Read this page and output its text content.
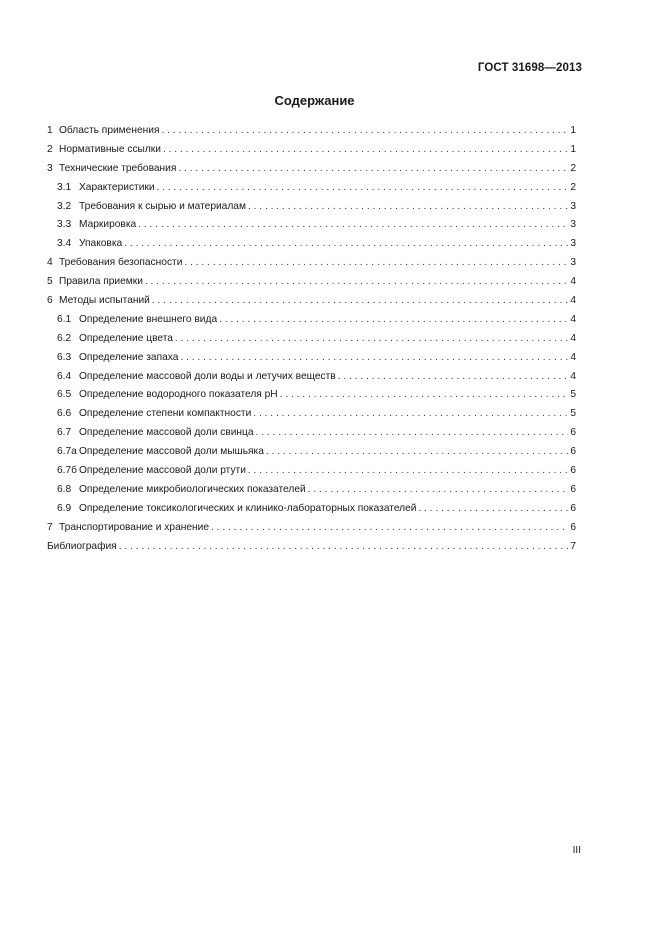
ГОСТ 31698—2013
Содержание
1 Область применения . . .	1
2 Нормативные ссылки . . .	1
3 Технические требования . . .	2
3.1 Характеристики . . .	2
3.2 Требования к сырью и материалам . . .	3
3.3 Маркировка . . .	3
3.4 Упаковка . . .	3
4 Требования безопасности . . .	3
5 Правила приемки . . .	4
6 Методы испытаний . . .	4
6.1 Определение внешнего вида . . .	4
6.2 Определение цвета . . .	4
6.3 Определение запаха . . .	4
6.4 Определение массовой доли воды и летучих веществ . . .	4
6.5 Определение водородного показателя pH . . .	5
6.6 Определение степени компактности . . .	5
6.7 Определение массовой доли свинца . . .	6
6.7а Определение массовой доли мышьяка . . .	6
6.7б Определение массовой доли ртути . . .	6
6.8 Определение микробиологических показателей . . .	6
6.9 Определение токсикологических и клинико-лабораторных показателей . . .	6
7 Транспортирование и хранение . . .	6
Библиография . . .	7
III
